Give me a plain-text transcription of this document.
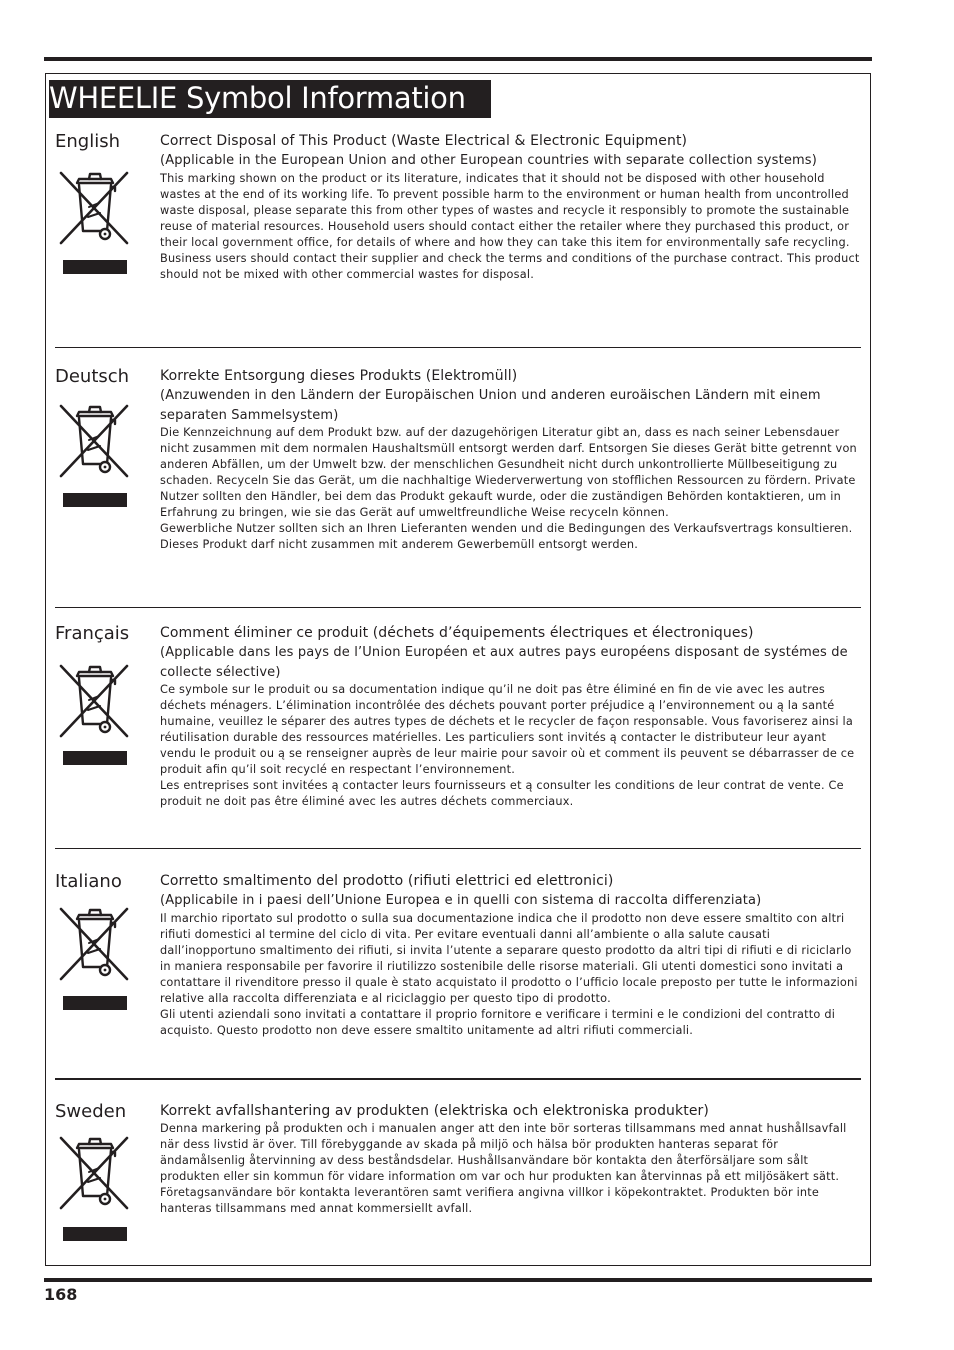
WHEELIE Symbol Information
English	Correct Disposal of This Product (Waste Electrical & Electronic Equipment)

(Applicable in the European Union and other European countries with separate collection systems)

This marking shown on the product or its literature, indicates that it should not be disposed with other household wastes at the end of its working life. To prevent possible harm to the environment or human health from uncontrolled waste disposal, please separate this from other types of wastes and recycle it responsibly to promote the sustainable reuse of material resources. Household users should contact either the retailer where they purchased this product, or their local government ofﬁce, for details of where and how they can take this item for environmentally safe recycling.

Business users should contact their supplier and check the terms and conditions of the purchase contract. This product should not be mixed with other commercial wastes for disposal.

Deutsch Korrekte Entsorgung dieses Produkts (Elektromüll)

(Anzuwenden in den Ländern der Europäischen Union und anderen euroäischen Ländern mit einem separaten Sammelsystem)

Die Kennzeichnung auf dem Produkt bzw. auf der dazugehörigen Literatur gibt an, dass es nach seiner Lebensdauer nicht zusammen mit dem normalen Haushaltsmüll entsorgt werden darf. Entsorgen Sie dieses Gerät bitte getrennt von anderen Abfällen, um der Umwelt bzw. der menschlichen Gesundheit nicht durch unkontrollierte Müllbeseitigung zu schaden. Recyceln Sie das Gerät, um die nachhaltige Wiederverwertung von stofﬂichen Ressourcen zu fördern. Private Nutzer sollten den Händler, bei dem das Produkt gekauft wurde, oder die zuständigen Behörden kontaktieren, um in Erfahrung zu bringen, wie sie das Gerät auf umweltfreundliche Weise recyceln können.

Gewerbliche Nutzer sollten sich an Ihren Lieferanten wenden und die Bedingungen des Verkaufsvertrags konsultieren. Dieses Produkt darf nicht zusammen mit anderem Gewerbemüll entsorgt werden.

Français Comment éliminer ce produit (déchets d’équipements électriques et électroniques)

(Applicable dans les pays de l’Union Européen et aux autres pays européens disposant de systémes de collecte sélective)

Ce symbole sur le produit ou sa documentation indique qu’il ne doit pas être éliminé en ﬁn de vie avec les autres déchets ménagers. L’élimination incontrôlée des déchets pouvant porter préjudice ą l’environnement ou ą la santé humaine, veuillez le séparer des autres types de déchets et le recycler de façon responsable. Vous favoriserez ainsi la réutilisation durable des ressources matérielles. Les particuliers sont invités ą contacter le distributeur leur ayant vendu le produit ou ą se renseigner auprès de leur mairie pour savoir où et comment ils peuvent se débarrasser de ce produit aﬁn qu’il soit recyclé en respectant l’environnement.

Les entreprises sont invitées ą contacter leurs fournisseurs et ą consulter les conditions de leur contrat de vente. Ce produit ne doit pas être éliminé avec les autres déchets commerciaux.

Italiano	Corretto smaltimento del prodotto (riﬁuti elettrici ed elettronici)

(Applicabile in i paesi dell’Unione Europea e in quelli con sistema di raccolta differenziata)

Il marchio riportato sul prodotto o sulla sua documentazione indica che il prodotto non deve essere smaltito con altri riﬁuti domestici al termine del ciclo di vita. Per evitare eventuali danni all’ambiente o alla salute causati dall’inopportuno smaltimento dei riﬁuti, si invita l’utente a separare questo prodotto da altri tipi di riﬁuti e di riciclarlo in maniera responsabile per favorire il riutilizzo sostenibile delle risorse materiali. Gli utenti domestici sono invitati a contattare il rivenditore presso il quale è stato acquistato il prodotto o l’ufﬁcio locale preposto per tutte le informazioni relative alla raccolta differenziata e al riciclaggio per questo tipo di prodotto.

Gli utenti aziendali sono invitati a contattare il proprio fornitore e veriﬁcare i termini e le condizioni del contratto di acquisto. Questo prodotto non deve essere smaltito unitamente ad altri riﬁuti commerciali.

Sweden Korrekt avfallshantering av produkten (elektriska och elektroniska produkter)

Denna markering på produkten och i manualen anger att den inte bör sorteras tillsammans med annat hushållsavfall när dess livstid är över. Till förebyggande av skada på miljö och hälsa bör produkten hanteras separat för ändamålsenlig återvinning av dess beståndsdelar. Hushållsanvändare bör kontakta den återförsäljare som sålt produkten eller sin kommun för vidare information om var och hur produkten kan återvinnas på ett miljösäkert sätt.

Företagsanvändare bör kontakta leverantören samt veriﬁera angivna villkor i köpekontraktet. Produkten bör inte hanteras tillsammans med annat kommersiellt avfall.

168
